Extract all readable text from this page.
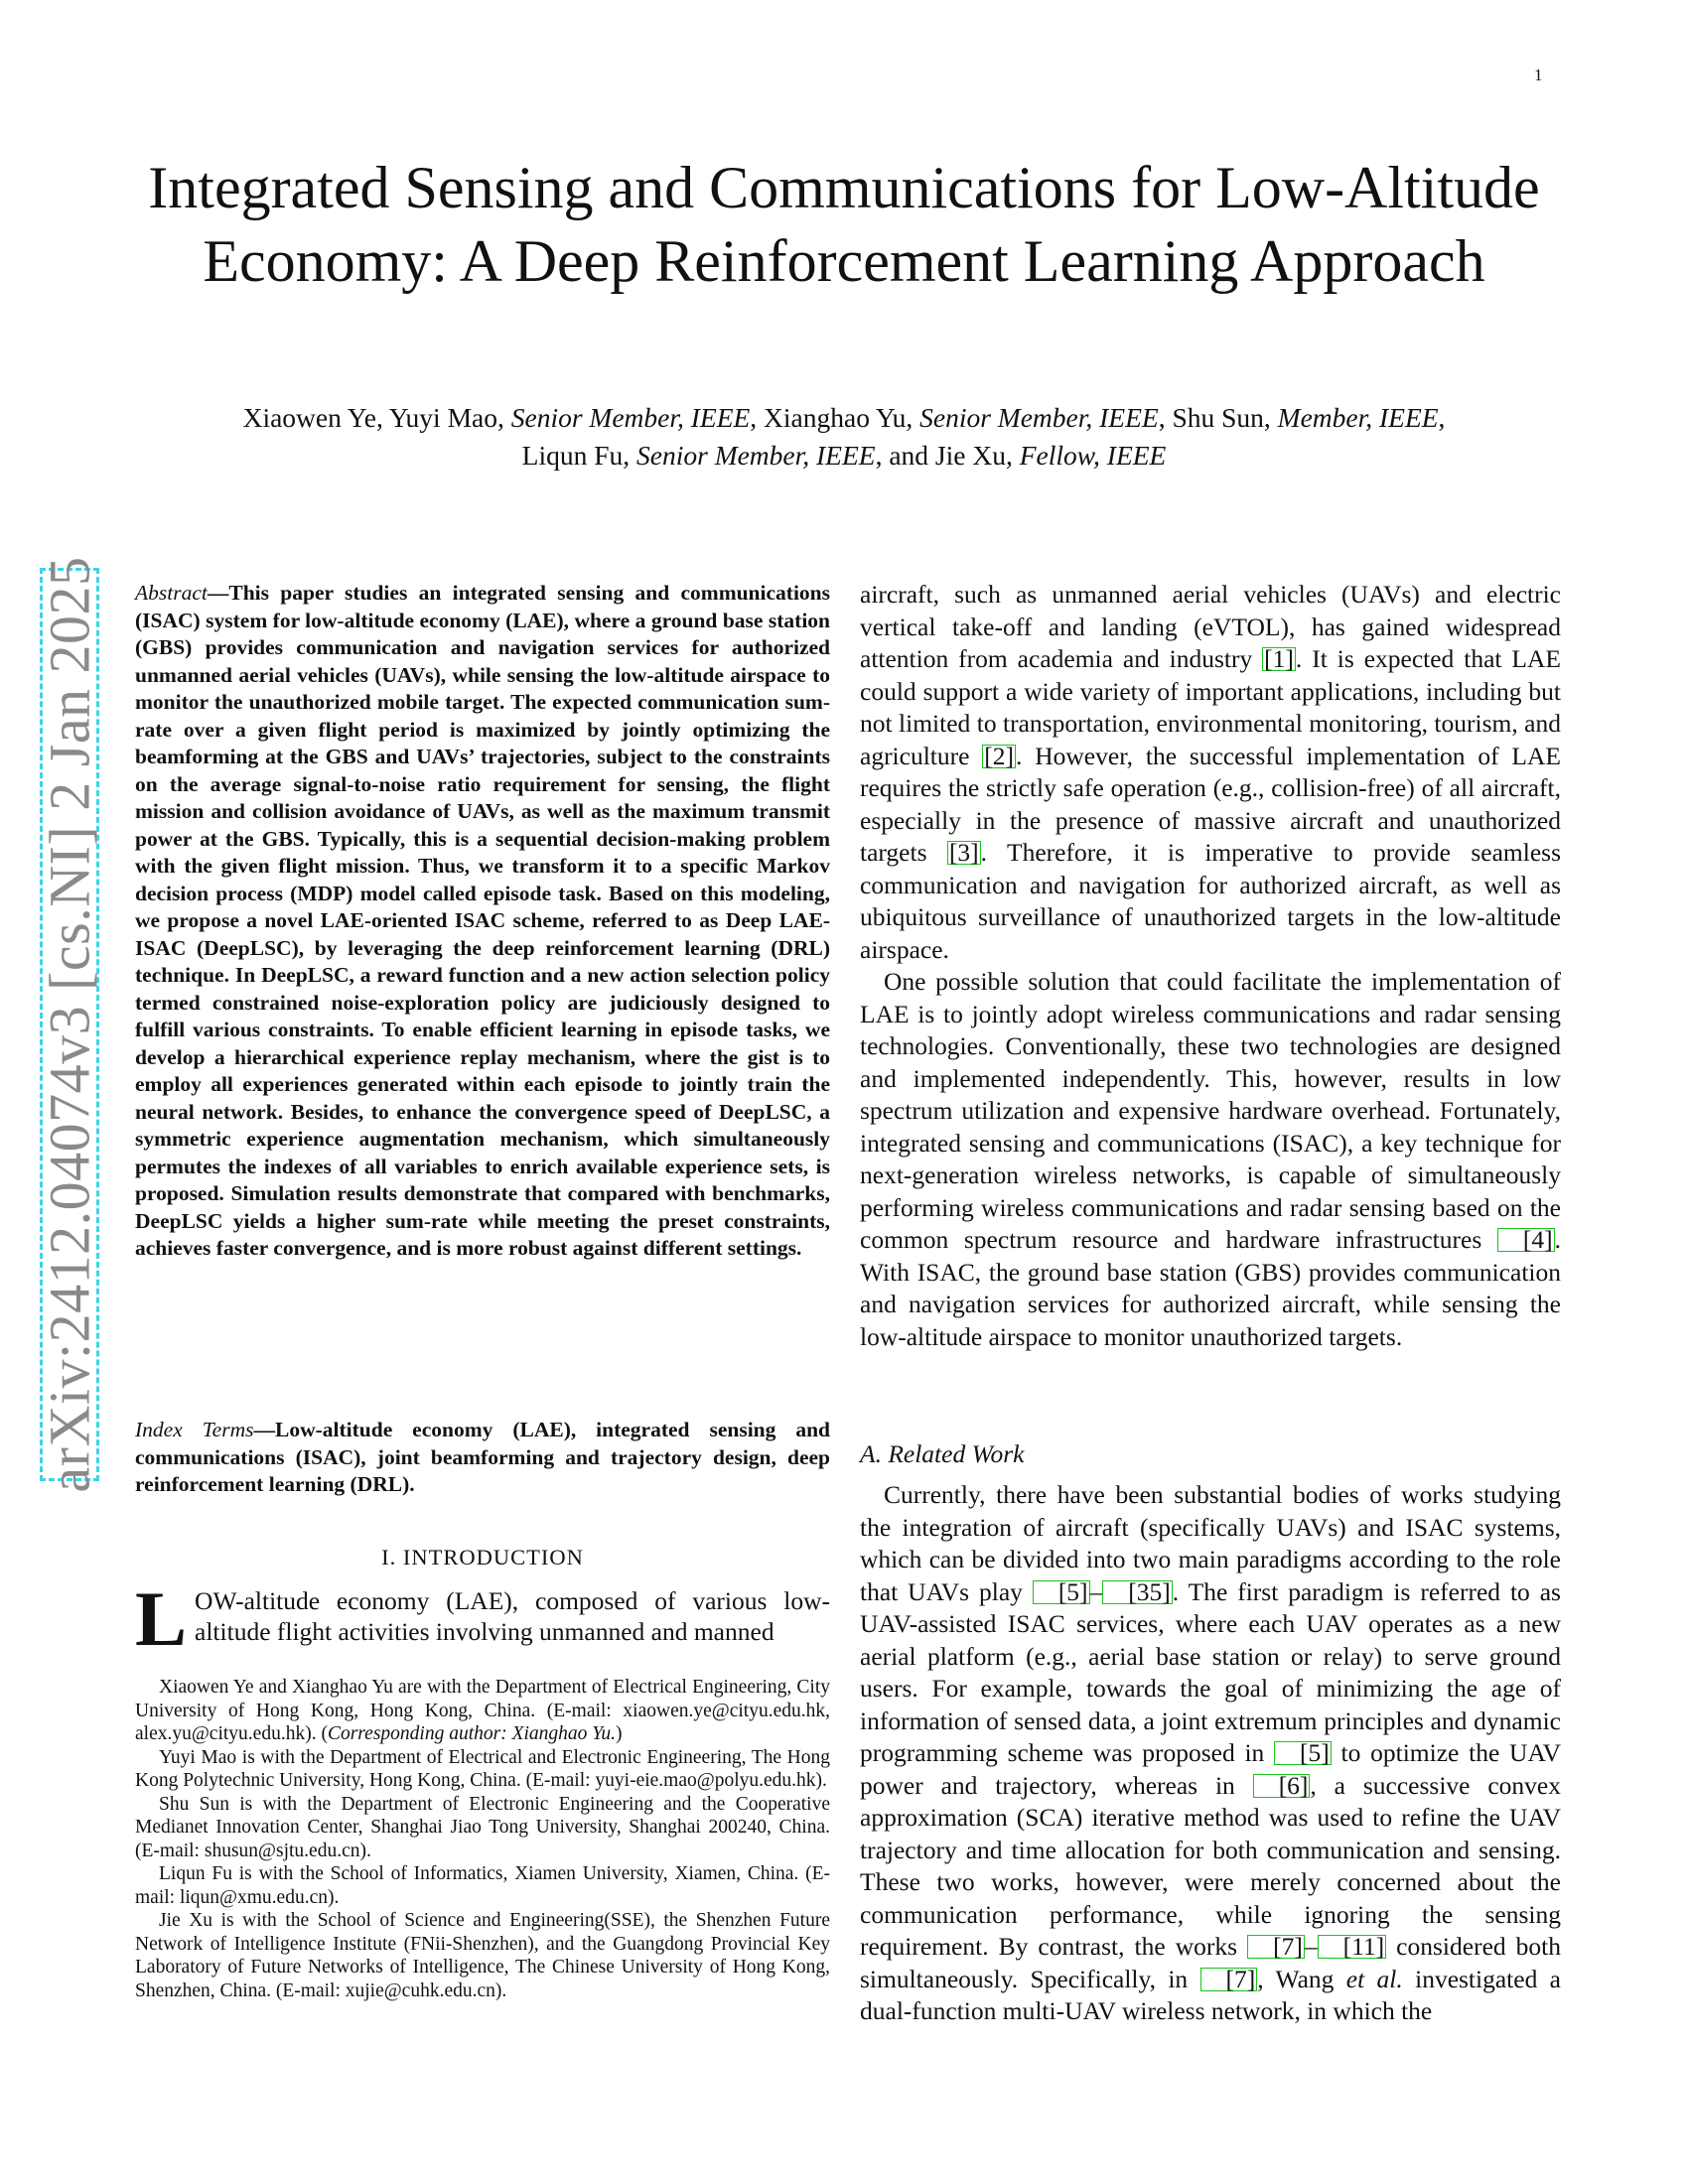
1
arXiv:2412.04074v3 [cs.NI] 2 Jan 2025
Integrated Sensing and Communications for Low-Altitude Economy: A Deep Reinforcement Learning Approach
Xiaowen Ye, Yuyi Mao, Senior Member, IEEE, Xianghao Yu, Senior Member, IEEE, Shu Sun, Member, IEEE,
Liqun Fu, Senior Member, IEEE, and Jie Xu, Fellow, IEEE
Abstract—This paper studies an integrated sensing and communications (ISAC) system for low-altitude economy (LAE), where a ground base station (GBS) provides communication and navigation services for authorized unmanned aerial vehicles (UAVs), while sensing the low-altitude airspace to monitor the unauthorized mobile target. The expected communication sum-rate over a given flight period is maximized by jointly optimizing the beamforming at the GBS and UAVs’ trajectories, subject to the constraints on the average signal-to-noise ratio requirement for sensing, the flight mission and collision avoidance of UAVs, as well as the maximum transmit power at the GBS. Typically, this is a sequential decision-making problem with the given flight mission. Thus, we transform it to a specific Markov decision process (MDP) model called episode task. Based on this modeling, we propose a novel LAE-oriented ISAC scheme, referred to as Deep LAE-ISAC (DeepLSC), by leveraging the deep reinforcement learning (DRL) technique. In DeepLSC, a reward function and a new action selection policy termed constrained noise-exploration policy are judiciously designed to fulfill various constraints. To enable efficient learning in episode tasks, we develop a hierarchical experience replay mechanism, where the gist is to employ all experiences generated within each episode to jointly train the neural network. Besides, to enhance the convergence speed of DeepLSC, a symmetric experience augmentation mechanism, which simultaneously permutes the indexes of all variables to enrich available experience sets, is proposed. Simulation results demonstrate that compared with benchmarks, DeepLSC yields a higher sum-rate while meeting the preset constraints, achieves faster convergence, and is more robust against different settings.
Index Terms—Low-altitude economy (LAE), integrated sensing and communications (ISAC), joint beamforming and trajectory design, deep reinforcement learning (DRL).
I. INTRODUCTION
LOW-altitude economy (LAE), composed of various low-altitude flight activities involving unmanned and manned

Xiaowen Ye and Xianghao Yu are with the Department of Electrical Engineering, City University of Hong Kong, Hong Kong, China. (E-mail: xiaowen.ye@cityu.edu.hk, alex.yu@cityu.edu.hk). (Corresponding author: Xianghao Yu.)

Yuyi Mao is with the Department of Electrical and Electronic Engineering, The Hong Kong Polytechnic University, Hong Kong, China. (E-mail: yuyi-eie.mao@polyu.edu.hk).

Shu Sun is with the Department of Electronic Engineering and the Cooperative Medianet Innovation Center, Shanghai Jiao Tong University, Shanghai 200240, China. (E-mail: shusun@sjtu.edu.cn).

Liqun Fu is with the School of Informatics, Xiamen University, Xiamen, China. (E-mail: liqun@xmu.edu.cn).

Jie Xu is with the School of Science and Engineering(SSE), the Shenzhen Future Network of Intelligence Institute (FNii-Shenzhen), and the Guangdong Provincial Key Laboratory of Future Networks of Intelligence, The Chinese University of Hong Kong, Shenzhen, China. (E-mail: xujie@cuhk.edu.cn).

aircraft, such as unmanned aerial vehicles (UAVs) and electric vertical take-off and landing (eVTOL), has gained widespread attention from academia and industry [1]. It is expected that LAE could support a wide variety of important applications, including but not limited to transportation, environmental monitoring, tourism, and agriculture [2]. However, the successful implementation of LAE requires the strictly safe operation (e.g., collision-free) of all aircraft, especially in the presence of massive aircraft and unauthorized targets [3]. Therefore, it is imperative to provide seamless communication and navigation for authorized aircraft, as well as ubiquitous surveillance of unauthorized targets in the low-altitude airspace.

One possible solution that could facilitate the implementation of LAE is to jointly adopt wireless communications and radar sensing technologies. Conventionally, these two technologies are designed and implemented independently. This, however, results in low spectrum utilization and expensive hardware overhead. Fortunately, integrated sensing and communications (ISAC), a key technique for next-generation wireless networks, is capable of simultaneously performing wireless communications and radar sensing based on the common spectrum resource and hardware infrastructures [4]. With ISAC, the ground base station (GBS) provides communication and navigation services for authorized aircraft, while sensing the low-altitude airspace to monitor unauthorized targets.

A. Related Work

Currently, there have been substantial bodies of works studying the integration of aircraft (specifically UAVs) and ISAC systems, which can be divided into two main paradigms according to the role that UAVs play [5]– [35]. The first paradigm is referred to as UAV-assisted ISAC services, where each UAV operates as a new aerial platform (e.g., aerial base station or relay) to serve ground users. For example, towards the goal of minimizing the age of information of sensed data, a joint extremum principles and dynamic programming scheme was proposed in [5] to optimize the UAV power and trajectory, whereas in [6], a successive convex approximation (SCA) iterative method was used to refine the UAV trajectory and time allocation for both communication and sensing. These two works, however, were merely concerned about the communication performance, while ignoring the sensing requirement. By contrast, the works [7]– [11] considered both simultaneously. Specifically, in [7], Wang et al. investigated a dual-function multi-UAV wireless network, in which the
